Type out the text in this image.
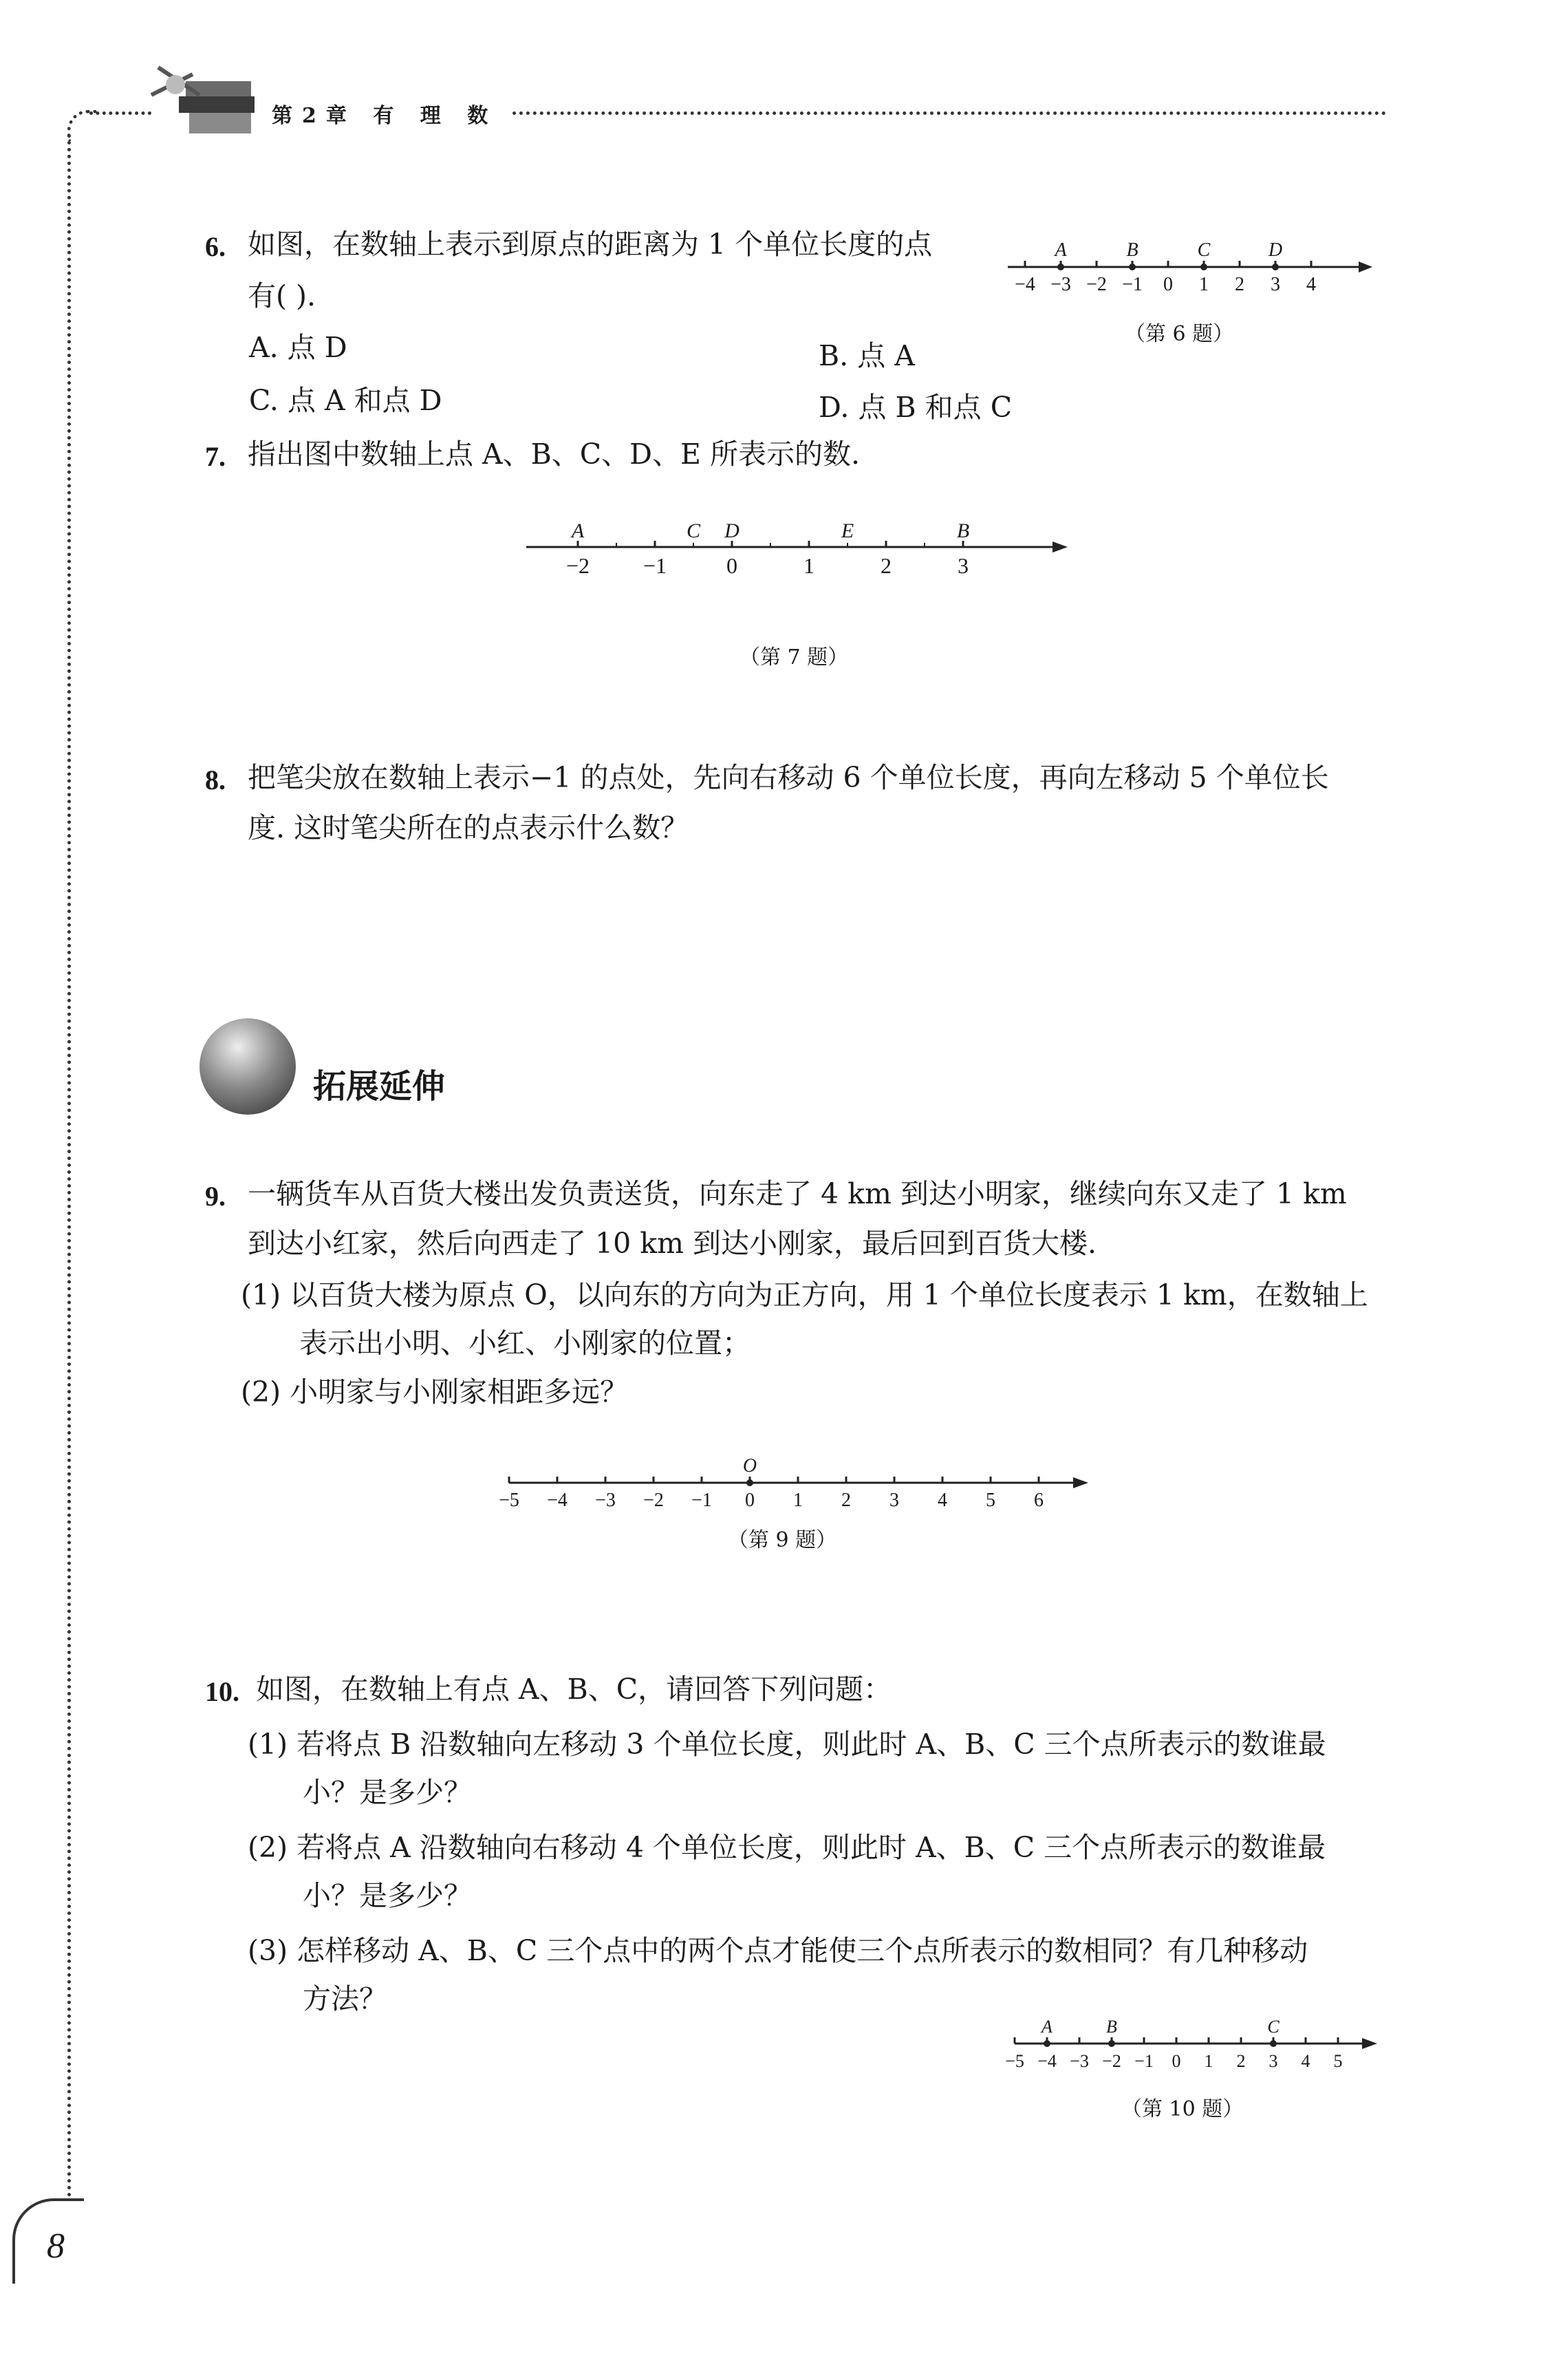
第2章 有 理 数
8
6. 如图，在数轴上表示到原点的距离为 1 个单位长度的点
有( ).
A. 点 D	B. 点 A
C. 点 A 和点 D	D. 点 B 和点 C
−4 −3 −2 −1 0 1 2 3 4
A	B	C	D
（第 6 题）
7. 指出图中数轴上点 A、B、C、D、E 所表示的数.
−2 −1	0	1	2	3
A	C D	E	B
（第 7 题）
8. 把笔尖放在数轴上表示−1 的点处，先向右移动 6 个单位长度，再向左移动 5 个单位长
度. 这时笔尖所在的点表示什么数？
拓展延伸
9. 一辆货车从百货大楼出发负责送货，向东走了 4 km 到达小明家，继续向东又走了 1 km
到达小红家，然后向西走了 10 km 到达小刚家，最后回到百货大楼.
(1) 以百货大楼为原点 O，以向东的方向为正方向，用 1 个单位长度表示 1 km，在数轴上
表示出小明、小红、小刚家的位置；
(2) 小明家与小刚家相距多远？
−5 −4 −3 −2 −1 0 1 2 3 4 5 6
O
（第 9 题）
10. 如图，在数轴上有点 A、B、C，请回答下列问题：
(1) 若将点 B 沿数轴向左移动 3 个单位长度，则此时 A、B、C 三个点所表示的数谁最
小？是多少？
(2) 若将点 A 沿数轴向右移动 4 个单位长度，则此时 A、B、C 三个点所表示的数谁最
小？是多少？
(3) 怎样移动 A、B、C 三个点中的两个点才能使三个点所表示的数相同？有几种移动
方法？
−5 −4 −3 −2 −1 0 1 2 3 4 5
A	B	C
（第 10 题）
